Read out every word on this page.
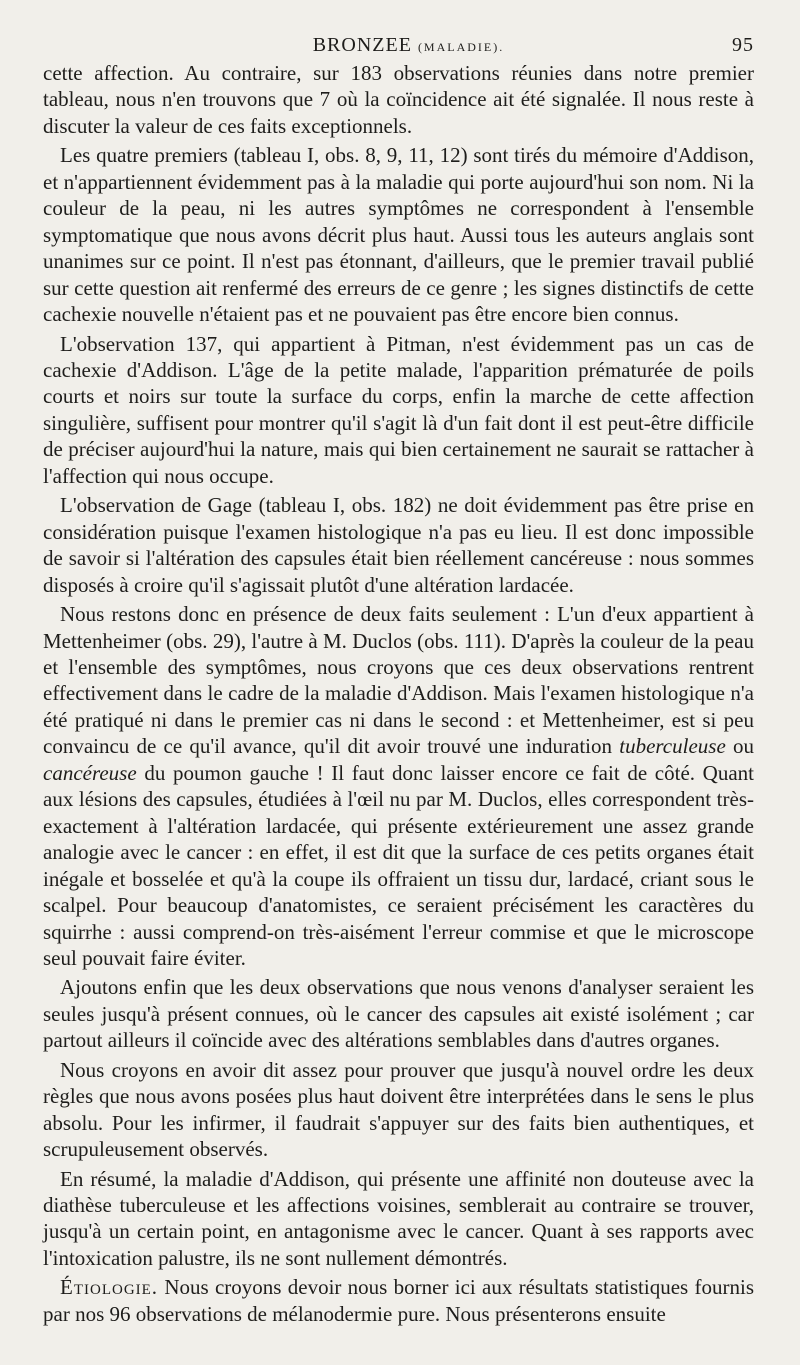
BRONZEE (MALADIE).	95

cette affection. Au contraire, sur 183 observations réunies dans notre premier tableau, nous n'en trouvons que 7 où la coïncidence ait été signalée. Il nous reste à discuter la valeur de ces faits exceptionnels.

Les quatre premiers (tableau I, obs. 8, 9, 11, 12) sont tirés du mémoire d'Addison, et n'appartiennent évidemment pas à la maladie qui porte aujourd'hui son nom. Ni la couleur de la peau, ni les autres symptômes ne correspondent à l'ensemble symptomatique que nous avons décrit plus haut. Aussi tous les auteurs anglais sont unanimes sur ce point. Il n'est pas étonnant, d'ailleurs, que le premier travail publié sur cette question ait renfermé des erreurs de ce genre ; les signes distinctifs de cette cachexie nouvelle n'étaient pas et ne pouvaient pas être encore bien connus.

L'observation 137, qui appartient à Pitman, n'est évidemment pas un cas de cachexie d'Addison. L'âge de la petite malade, l'apparition prématurée de poils courts et noirs sur toute la surface du corps, enfin la marche de cette affection singulière, suffisent pour montrer qu'il s'agit là d'un fait dont il est peut-être difficile de préciser aujourd'hui la nature, mais qui bien certainement ne saurait se rattacher à l'affection qui nous occupe.

L'observation de Gage (tableau I, obs. 182) ne doit évidemment pas être prise en considération puisque l'examen histologique n'a pas eu lieu. Il est donc impossible de savoir si l'altération des capsules était bien réellement cancéreuse : nous sommes disposés à croire qu'il s'agissait plutôt d'une altération lardacée.

Nous restons donc en présence de deux faits seulement : L'un d'eux appartient à Mettenheimer (obs. 29), l'autre à M. Duclos (obs. 111). D'après la couleur de la peau et l'ensemble des symptômes, nous croyons que ces deux observations rentrent effectivement dans le cadre de la maladie d'Addison. Mais l'examen histologique n'a été pratiqué ni dans le premier cas ni dans le second : et Mettenheimer, est si peu convaincu de ce qu'il avance, qu'il dit avoir trouvé une induration tuberculeuse ou cancéreuse du poumon gauche ! Il faut donc laisser encore ce fait de côté. Quant aux lésions des capsules, étudiées à l'œil nu par M. Duclos, elles correspondent très-exactement à l'altération lardacée, qui présente extérieurement une assez grande analogie avec le cancer : en effet, il est dit que la surface de ces petits organes était inégale et bosselée et qu'à la coupe ils offraient un tissu dur, lardacé, criant sous le scalpel. Pour beaucoup d'anatomistes, ce seraient précisément les caractères du squirrhe : aussi comprend-on très-aisément l'erreur commise et que le microscope seul pouvait faire éviter.

Ajoutons enfin que les deux observations que nous venons d'analyser seraient les seules jusqu'à présent connues, où le cancer des capsules ait existé isolément ; car partout ailleurs il coïncide avec des altérations semblables dans d'autres organes.

Nous croyons en avoir dit assez pour prouver que jusqu'à nouvel ordre les deux règles que nous avons posées plus haut doivent être interprétées dans le sens le plus absolu. Pour les infirmer, il faudrait s'appuyer sur des faits bien authentiques, et scrupuleusement observés.

En résumé, la maladie d'Addison, qui présente une affinité non douteuse avec la diathèse tuberculeuse et les affections voisines, semblerait au contraire se trouver, jusqu'à un certain point, en antagonisme avec le cancer. Quant à ses rapports avec l'intoxication palustre, ils ne sont nullement démontrés.

Étiologie. Nous croyons devoir nous borner ici aux résultats statistiques fournis par nos 96 observations de mélanodermie pure. Nous présenterons ensuite
